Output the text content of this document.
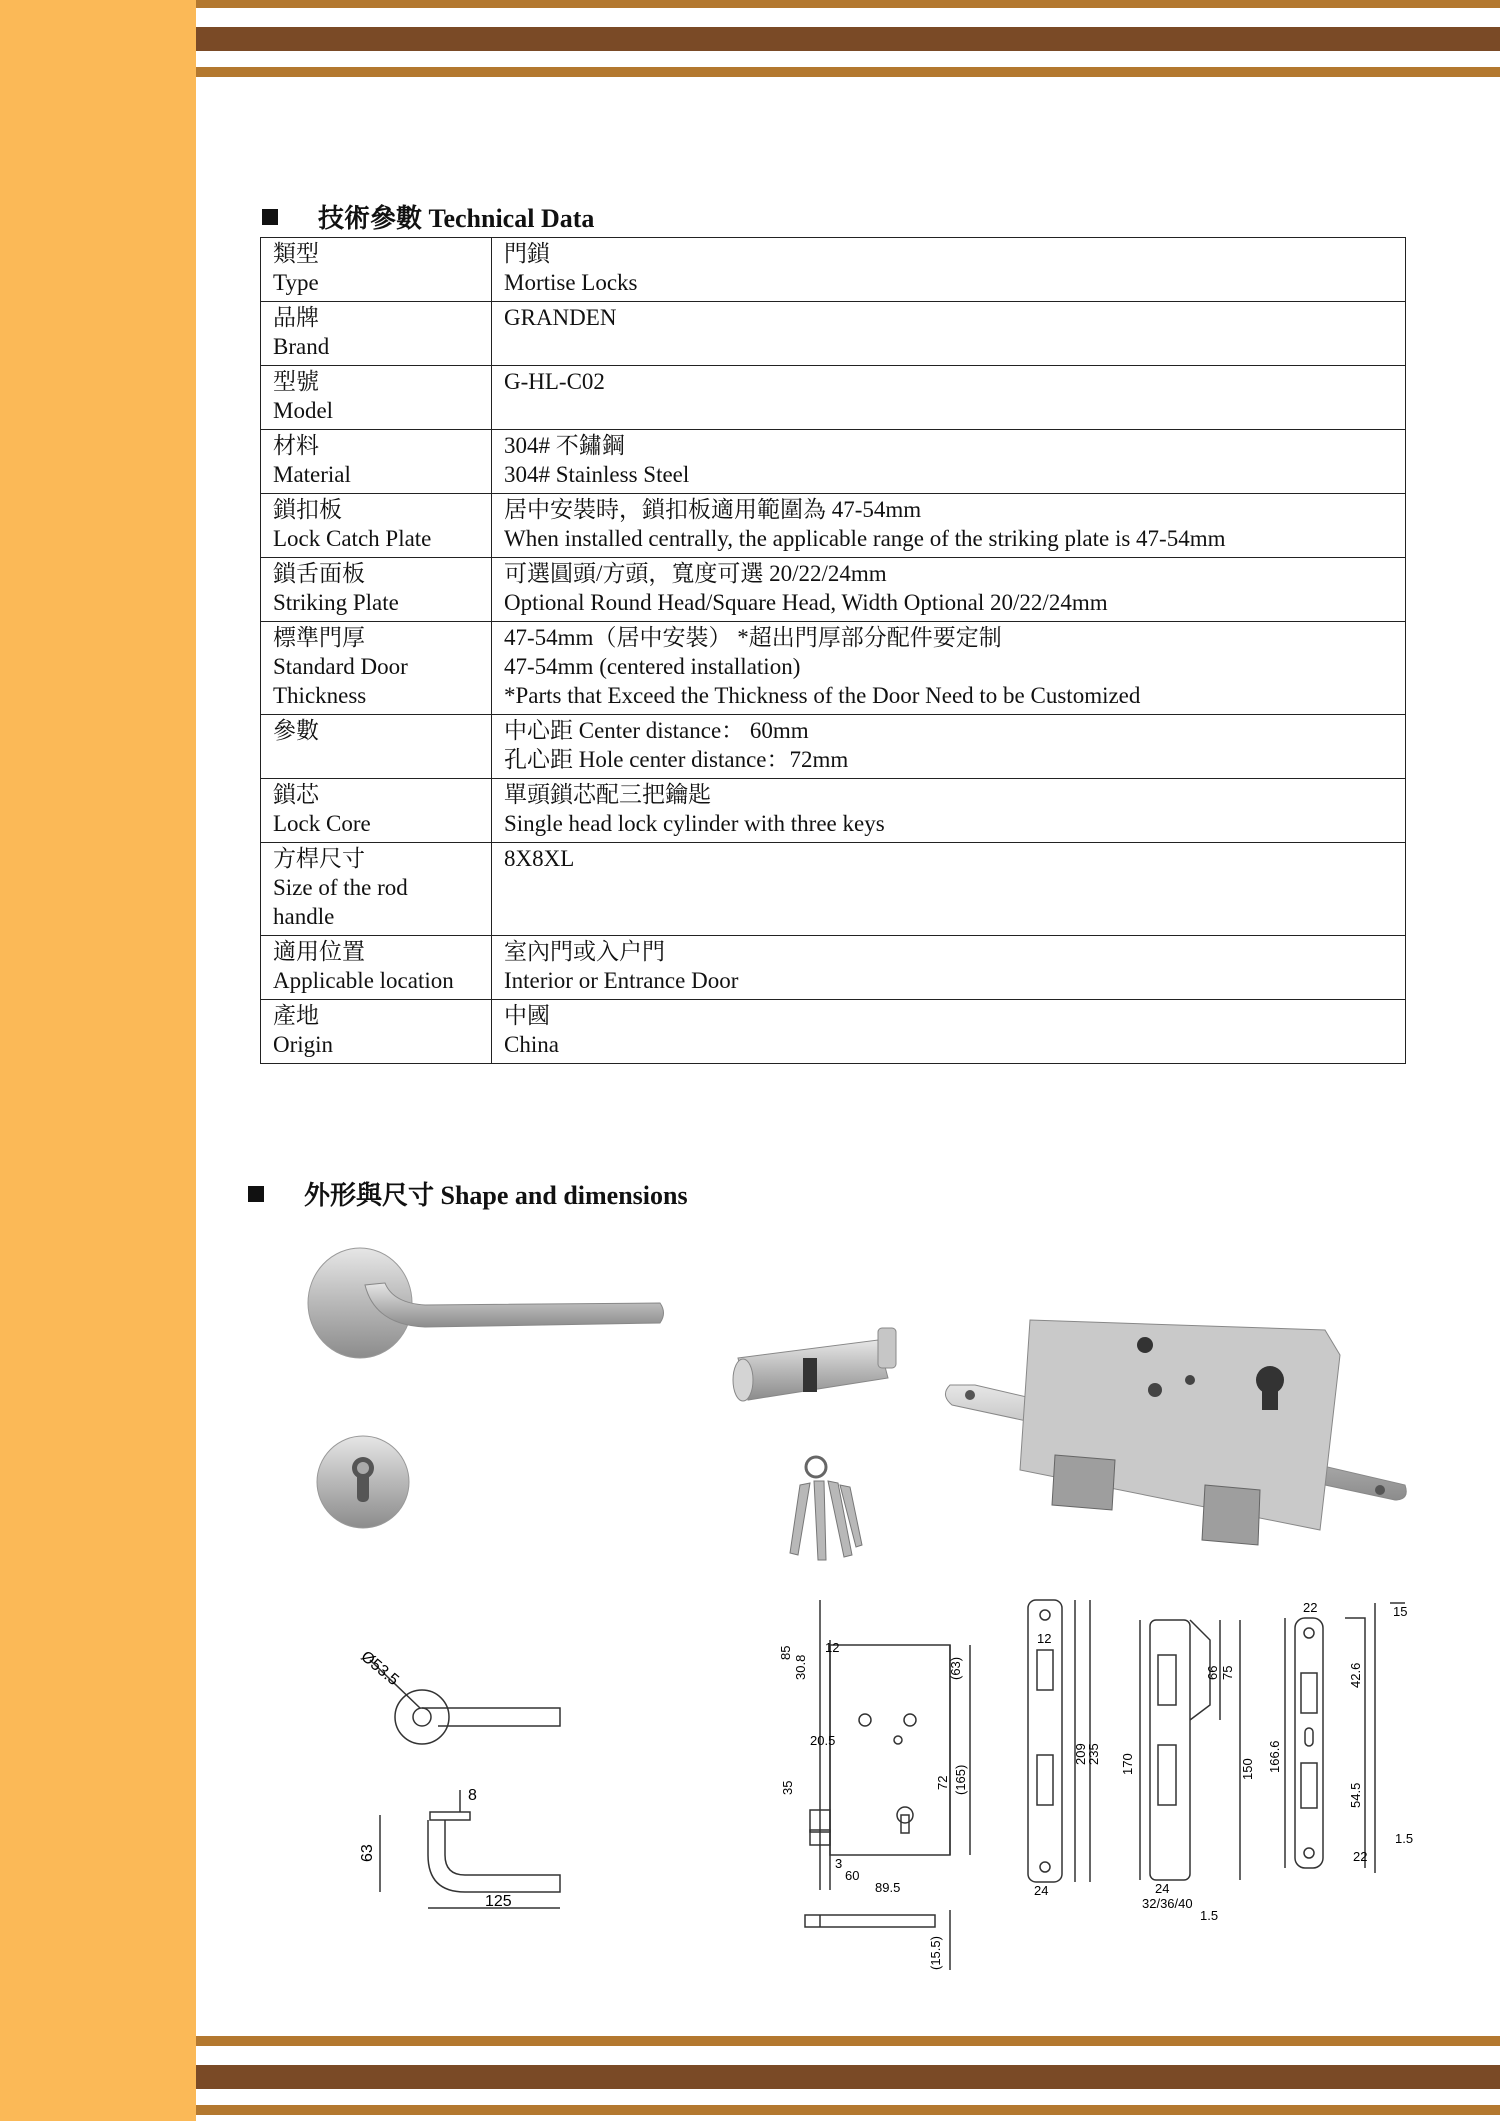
技術參數 Technical Data
類型
Type	門鎖
Mortise Locks

品牌
Brand	GRANDEN

型號
Model	G-HL-C02

材料
Material	304# 不鏽鋼
304# Stainless Steel

鎖扣板
Lock Catch Plate	居中安裝時，鎖扣板適用範圍為 47-54mm
When installed centrally, the applicable range of the striking plate is 47-54mm

鎖舌面板
Striking Plate	可選圓頭/方頭，寬度可選 20/22/24mm
Optional Round Head/Square Head, Width Optional 20/22/24mm

標準門厚
Standard Door
Thickness	47-54mm（居中安裝） *超出門厚部分配件要定制
47-54mm (centered installation)
*Parts that Exceed the Thickness of the Door Need to be Customized

參數	中心距 Center distance： 60mm
孔心距 Hole center distance：72mm

鎖芯
Lock Core	單頭鎖芯配三把鑰匙
Single head lock cylinder with three keys

方桿尺寸
Size of the rod
handle	8X8XL

適用位置
Applicable location	室內門或入户門
Interior or Entrance Door

產地
Origin	中國
China
外形與尺寸 Shape and dimensions
Ø53.5
8
63
125
85 12
30.8
20.5
35
(63)
72 (165)
3
60
89.5
(15.5)
12
209
235
24
170
66 75
150
24
32/36/40
1.5
22	15
166.6
42.6
54.5
1.5
22
